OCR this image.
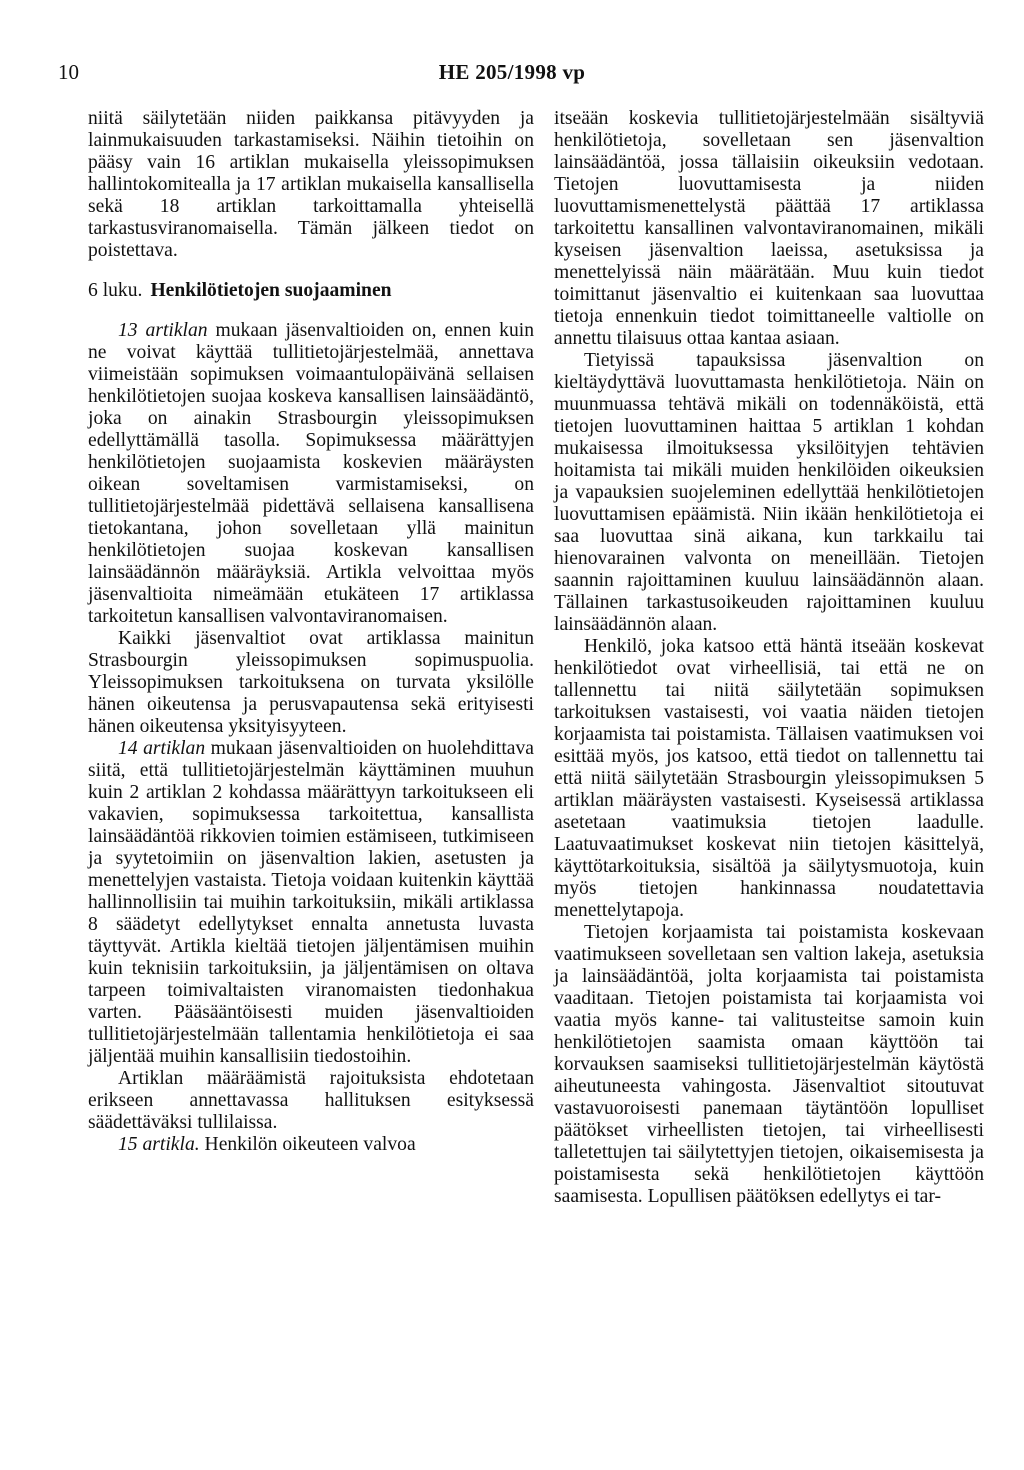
10	HE 205/1998 vp

niitä säilytetään niiden paikkansa pitävyyden ja lainmukaisuuden tarkastamiseksi. Näihin tietoihin on pääsy vain 16 artiklan mukaisella yleissopimuksen hallintokomitealla ja 17 artiklan mukaisella kansallisella sekä 18 artiklan tarkoittamalla yhteisellä tarkastusviranomaisella. Tämän jälkeen tiedot on poistettava.

6 luku. Henkilötietojen suojaaminen

13 artiklan mukaan jäsenvaltioiden on, ennen kuin ne voivat käyttää tullitietojärjestelmää, annettava viimeistään sopimuksen voimaantulopäivänä sellaisen henkilötietojen suojaa koskeva kansallisen lainsäädäntö, joka on ainakin Strasbourgin yleissopimuksen edellyttämällä tasolla. Sopimuksessa määrättyjen henkilötietojen suojaamista koskevien määräysten oikean soveltamisen varmistamiseksi, on tullitietojärjestelmää pidettävä sellaisena kansallisena tietokantana, johon sovelletaan yllä mainitun henkilötietojen suojaa koskevan kansallisen lainsäädännön määräyksiä. Artikla velvoittaa myös jäsenvaltioita nimeämään etukäteen 17 artiklassa tarkoitetun kansallisen valvontaviranomaisen.

Kaikki jäsenvaltiot ovat artiklassa mainitun Strasbourgin yleissopimuksen sopimuspuolia. Yleissopimuksen tarkoituksena on turvata yksilölle hänen oikeutensa ja perusvapautensa sekä erityisesti hänen oikeutensa yksityisyyteen.

14 artiklan mukaan jäsenvaltioiden on huolehdittava siitä, että tullitietojärjestelmän käyttäminen muuhun kuin 2 artiklan 2 kohdassa määrättyyn tarkoitukseen eli vakavien, sopimuksessa tarkoitettua, kansallista lainsäädäntöä rikkovien toimien estämiseen, tutkimiseen ja syytetoimiin on jäsenvaltion lakien, asetusten ja menettelyjen vastaista. Tietoja voidaan kuitenkin käyttää hallinnollisiin tai muihin tarkoituksiin, mikäli artiklassa 8 säädetyt edellytykset ennalta annetusta luvasta täyttyvät. Artikla kieltää tietojen jäljentämisen muihin kuin teknisiin tarkoituksiin, ja jäljentämisen on oltava tarpeen toimivaltaisten viranomaisten tiedonhakua varten. Pääsääntöisesti muiden jäsenvaltioiden tullitietojärjestelmään tallentamia henkilötietoja ei saa jäljentää muihin kansallisiin tiedostoihin.

Artiklan määräämistä rajoituksista ehdotetaan erikseen annettavassa hallituksen esityksessä säädettäväksi tullilaissa.

15 artikla. Henkilön oikeuteen valvoa

itseään koskevia tullitietojärjestelmään sisältyviä henkilötietoja, sovelletaan sen jäsenvaltion lainsäädäntöä, jossa tällaisiin oikeuksiin vedotaan. Tietojen luovuttamisesta ja niiden luovuttamismenettelystä päättää 17 artiklassa tarkoitettu kansallinen valvontaviranomainen, mikäli kyseisen jäsenvaltion laeissa, asetuksissa ja menettelyissä näin määrätään. Muu kuin tiedot toimittanut jäsenvaltio ei kuitenkaan saa luovuttaa tietoja ennenkuin tiedot toimittaneelle valtiolle on annettu tilaisuus ottaa kantaa asiaan.

Tietyissä tapauksissa jäsenvaltion on kieltäydyttävä luovuttamasta henkilötietoja. Näin on muunmuassa tehtävä mikäli on todennäköistä, että tietojen luovuttaminen haittaa 5 artiklan 1 kohdan mukaisessa ilmoituksessa yksilöityjen tehtävien hoitamista tai mikäli muiden henkilöiden oikeuksien ja vapauksien suojeleminen edellyttää henkilötietojen luovuttamisen epäämistä. Niin ikään henkilötietoja ei saa luovuttaa sinä aikana, kun tarkkailu tai hienovarainen valvonta on meneillään. Tietojen saannin rajoittaminen kuuluu lainsäädännön alaan. Tällainen tarkastusoikeuden rajoittaminen kuuluu lainsäädännön alaan.

Henkilö, joka katsoo että häntä itseään koskevat henkilötiedot ovat virheellisiä, tai että ne on tallennettu tai niitä säilytetään sopimuksen tarkoituksen vastaisesti, voi vaatia näiden tietojen korjaamista tai poistamista. Tällaisen vaatimuksen voi esittää myös, jos katsoo, että tiedot on tallennettu tai että niitä säilytetään Strasbourgin yleissopimuksen 5 artiklan määräysten vastaisesti. Kyseisessä artiklassa asetetaan vaatimuksia tietojen laadulle. Laatuvaatimukset koskevat niin tietojen käsittelyä, käyttötarkoituksia, sisältöä ja säilytysmuotoja, kuin myös tietojen hankinnassa noudatettavia menettelytapoja.

Tietojen korjaamista tai poistamista koskevaan vaatimukseen sovelletaan sen valtion lakeja, asetuksia ja lainsäädäntöä, jolta korjaamista tai poistamista vaaditaan. Tietojen poistamista tai korjaamista voi vaatia myös kanne- tai valitusteitse samoin kuin henkilötietojen saamista omaan käyttöön tai korvauksen saamiseksi tullitietojärjestelmän käytöstä aiheutuneesta vahingosta. Jäsenvaltiot sitoutuvat vastavuoroisesti panemaan täytäntöön lopulliset päätökset virheellisten tietojen, tai virheellisesti talletettujen tai säilytettyjen tietojen, oikaisemisesta ja poistamisesta sekä henkilötietojen käyttöön saamisesta. Lopullisen päätöksen edellytys ei tar-
